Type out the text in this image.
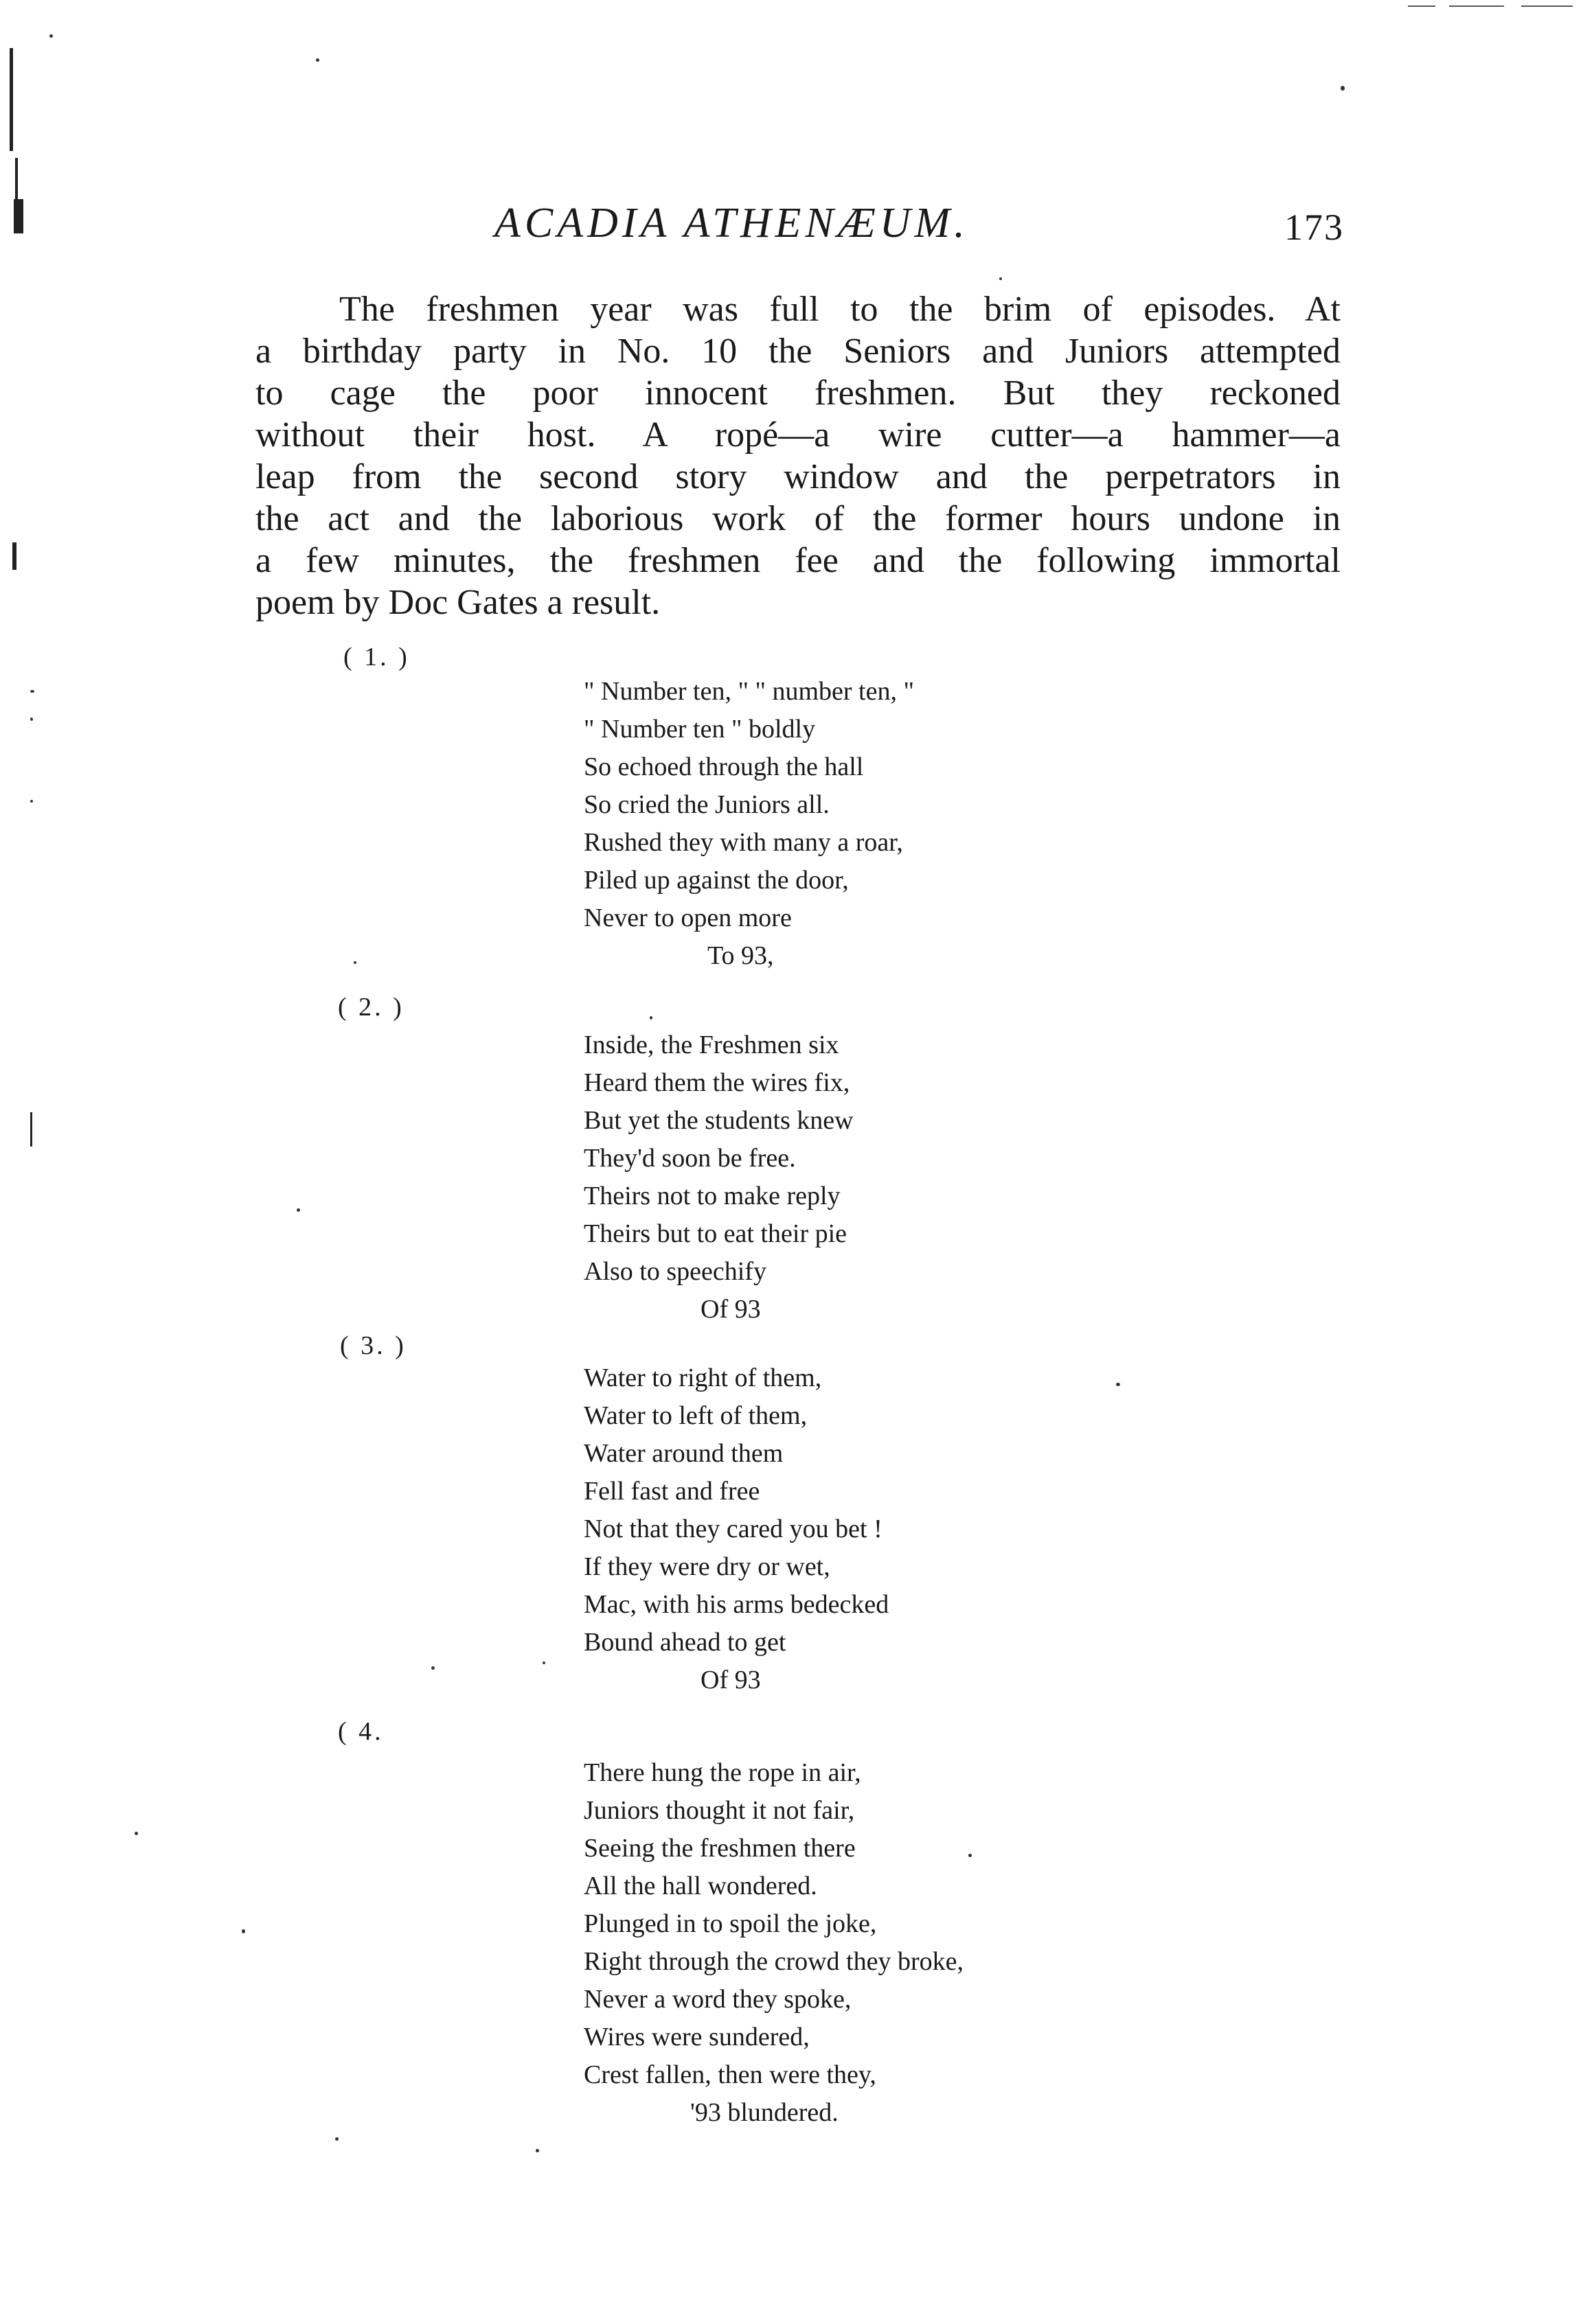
ACADIA ATHENÆUM.	173
The freshmen year was full to the brim of episodes. At
a birthday party in No. 10 the Seniors and Juniors attempted
to cage the poor innocent freshmen. But they reckoned
without their host. A ropé—a wire cutter—a hammer—a
leap from the second story window and the perpetrators in
the act and the laborious work of the former hours undone in
a few minutes, the freshmen fee and the following immortal
poem by Doc Gates a result.
( 1. )
" Number ten, " " number ten, "
" Number ten " boldly
So echoed through the hall
So cried the Juniors all.
Rushed they with many a roar,
Piled up against the door,
Never to open more
To 93,
( 2. )
Inside, the Freshmen six
Heard them the wires fix,
But yet the students knew
They'd soon be free.
Theirs not to make reply
Theirs but to eat their pie
Also to speechify
Of 93
( 3. )
Water to right of them,
Water to left of them,
Water around them
Fell fast and free
Not that they cared you bet !
If they were dry or wet,
Mac, with his arms bedecked
Bound ahead to get
Of 93
( 4.
There hung the rope in air,
Juniors thought it not fair,
Seeing the freshmen there
All the hall wondered.
Plunged in to spoil the joke,
Right through the crowd they broke,
Never a word they spoke,
Wires were sundered,
Crest fallen, then were they,
'93 blundered.
